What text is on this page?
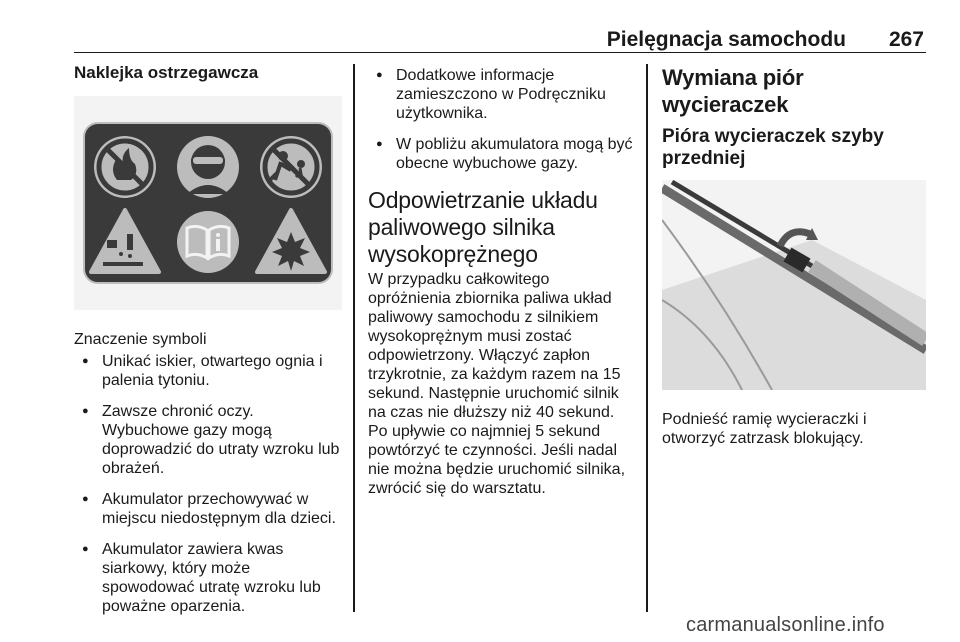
Pielęgnacja samochodu 267
Naklejka ostrzegawcza

Znaczenie symboli

● Unikać iskier, otwartego ognia i palenia tytoniu.
● Zawsze chronić oczy. Wybuchowe gazy mogą doprowadzić do utraty wzroku lub obrażeń.
● Akumulator przechowywać w miejscu niedostępnym dla dzieci.
● Akumulator zawiera kwas siarkowy, który może spowodować utratę wzroku lub poważne oparzenia.
● Dodatkowe informacje zamieszczono w Podręczniku użytkownika.
● W pobliżu akumulatora mogą być obecne wybuchowe gazy.
Odpowietrzanie układu paliwowego silnika wysokoprężnego

W przypadku całkowitego opróżnienia zbiornika paliwa układ paliwowy samochodu z silnikiem wysokoprężnym musi zostać odpowietrzony. Włączyć zapłon trzykrotnie, za każdym razem na 15 sekund. Następnie uruchomić silnik na czas nie dłuższy niż 40 sekund. Po upływie co najmniej 5 sekund powtórzyć te czynności. Jeśli nadal nie można będzie uruchomić silnika, zwrócić się do warsztatu.

Wymiana piór wycieraczek
Pióra wycieraczek szyby przedniej

Podnieść ramię wycieraczki i otworzyć zatrzask blokujący.

carmanualsonline.info
